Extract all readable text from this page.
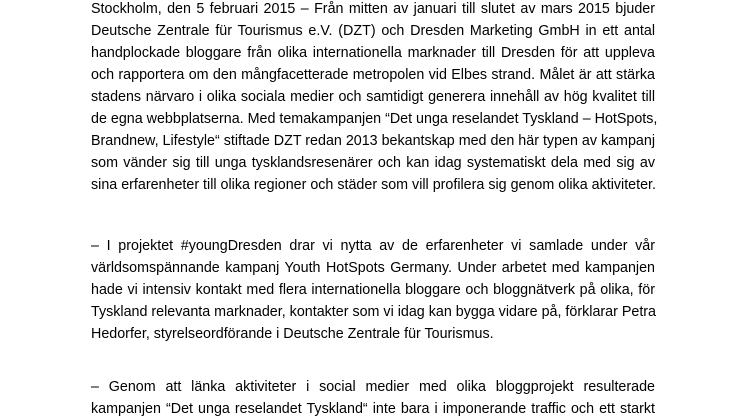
Stockholm, den 5 februari 2015 – Från mitten av januari till slutet av mars 2015 bjuder
Deutsche Zentrale für Tourismus e.V. (DZT) och Dresden Marketing GmbH in ett antal
handplockade bloggare från olika internationella marknader till Dresden för att uppleva
och rapportera om den mångfacetterade metropolen vid Elbes strand. Målet är att stärka
stadens närvaro i olika sociala medier och samtidigt generera innehåll av hög kvalitet till
de egna webbplatserna. Med temakampanjen “Det unga reselandet Tyskland – HotSpots,
Brandnew, Lifestyle“ stiftade DZT redan 2013 bekantskap med den här typen av kampanj
som vänder sig till unga tysklandsresenärer och kan idag systematiskt dela med sig av
sina erfarenheter till olika regioner och städer som vill profilera sig genom olika aktiviteter.
– I projektet #youngDresden drar vi nytta av de erfarenheter vi samlade under vår
världsomspännande kampanj Youth HotSpots Germany. Under arbetet med kampanjen
hade vi intensiv kontakt med flera internationella bloggare och bloggnätverk på olika, för
Tyskland relevanta marknader, kontakter som vi idag kan bygga vidare på, förklarar Petra
Hedorfer, styrelseordförande i Deutsche Zentrale für Tourismus.
– Genom att länka aktiviteter i social medier med olika bloggprojekt resulterade
kampanjen “Det unga reselandet Tyskland“ inte bara i imponerande traffic och ett starkt
